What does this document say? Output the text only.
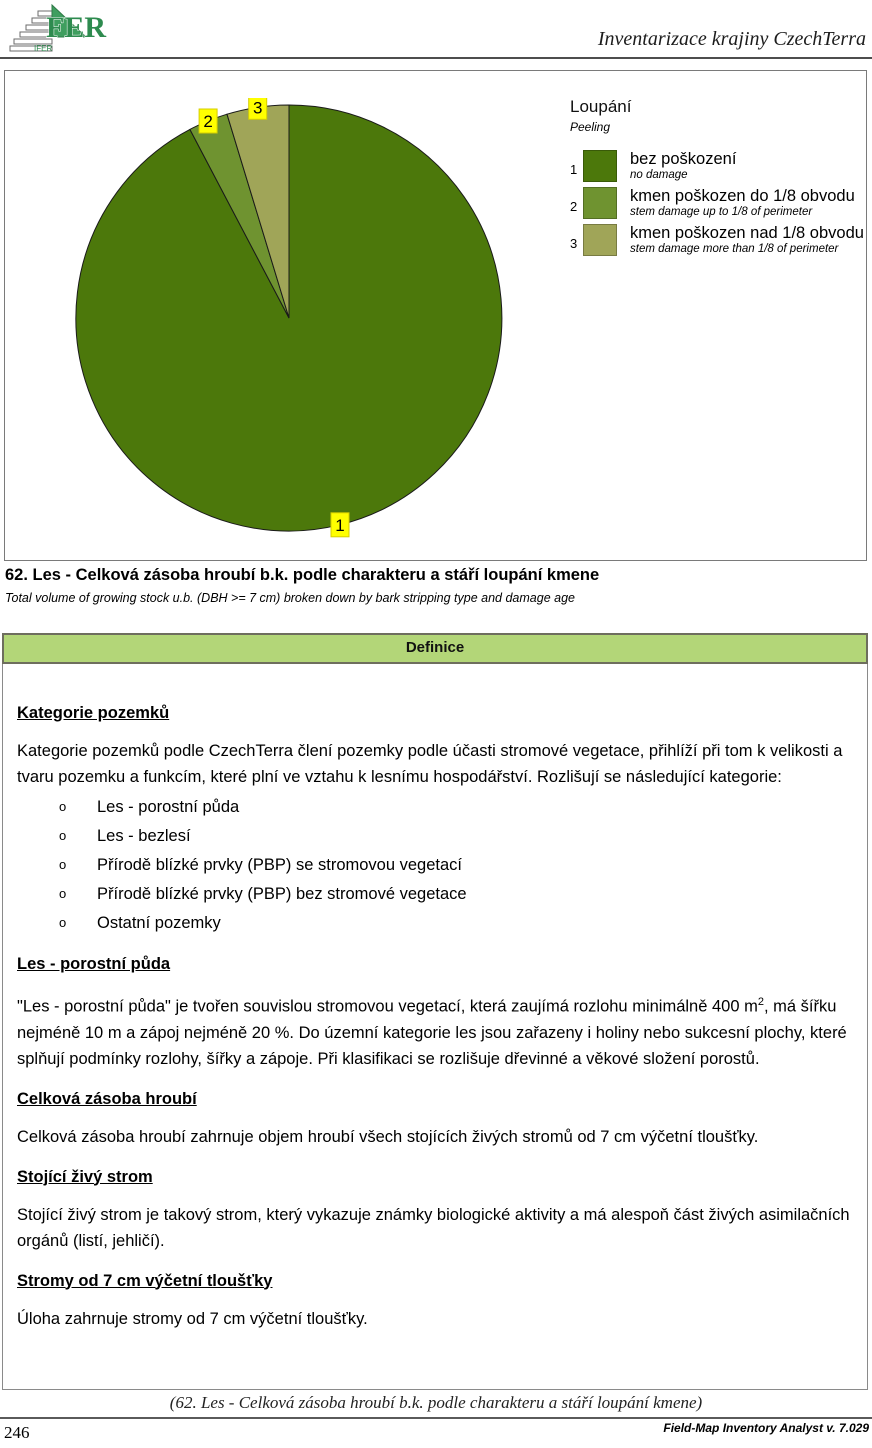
FER
IFER	Inventarizace krajiny CzechTerra
1
2
3	Loupání
Peeling
1
bez poškození
no damage
2
kmen poškozen do 1/8 obvodu
stem damage up to 1/8 of perimeter
3
kmen poškozen nad 1/8 obvodu
stem damage more than 1/8 of perimeter
62. Les - Celková zásoba hroubí b.k. podle charakteru a stáří loupání kmene
Total volume of growing stock u.b. (DBH >= 7 cm) broken down by bark stripping type and damage age
Definice
Kategorie pozemků
Kategorie pozemků podle CzechTerra člení pozemky podle účasti stromové vegetace, přihlíží při tom k velikosti a tvaru pozemku a funkcím, které plní ve vztahu k lesnímu hospodářství. Rozlišují se následující kategorie:
o	Les - porostní půda
o	Les - bezlesí
o	Přírodě blízké prvky (PBP) se stromovou vegetací
o	Přírodě blízké prvky (PBP) bez stromové vegetace
o	Ostatní pozemky
Les - porostní půda
"Les - porostní půda" je tvořen souvislou stromovou vegetací, která zaujímá rozlohu minimálně 400 $m^2$, má šířku nejméně 10 m a zápoj nejméně 20 %. Do územní kategorie les jsou zařazeny i holiny nebo sukcesní plochy, které splňují podmínky rozlohy, šířky a zápoje. Při klasifikaci se rozlišuje dřevinné a věkové složení porostů.
Celková zásoba hroubí
Celková zásoba hroubí zahrnuje objem hroubí všech stojících živých stromů od 7 cm výčetní tloušťky.
Stojící živý strom
Stojící živý strom je takový strom, který vykazuje známky biologické aktivity a má alespoň část živých asimilačních orgánů (listí, jehličí).
Stromy od 7 cm výčetní tloušťky
Úloha zahrnuje stromy od 7 cm výčetní tloušťky.
(62. Les - Celková zásoba hroubí b.k. podle charakteru a stáří loupání kmene)
246	Field-Map Inventory Analyst v. 7.029
